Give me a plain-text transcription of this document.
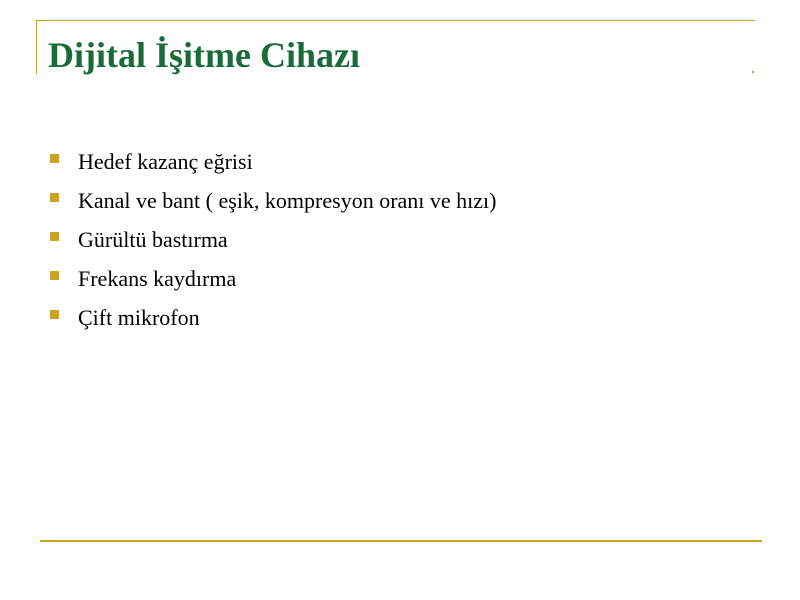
Dijital İşitme Cihazı
Hedef kazanç eğrisi
Kanal ve bant ( eşik, kompresyon oranı ve hızı)
Gürültü bastırma
Frekans kaydırma
Çift mikrofon
